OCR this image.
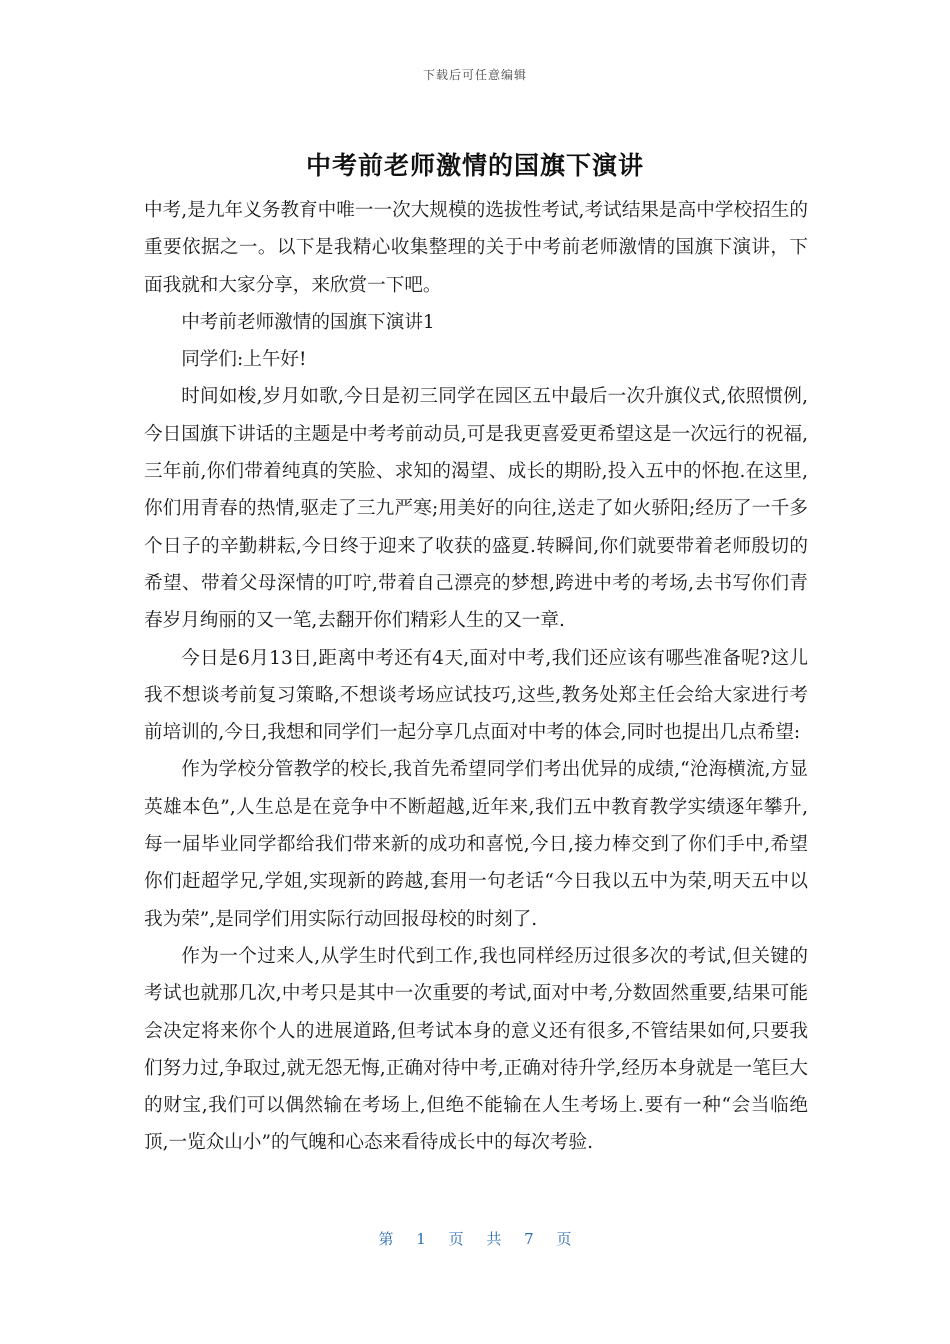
下载后可任意编辑
中考前老师激情的国旗下演讲

中考,是九年义务教育中唯一一次大规模的选拔性考试,考试结果是高中学校招生的重要依据之一。以下是我精心收集整理的关于中考前老师激情的国旗下演讲，下面我就和大家分享，来欣赏一下吧。

中考前老师激情的国旗下演讲1

同学们:上午好!

时间如梭,岁月如歌,今日是初三同学在园区五中最后一次升旗仪式,依照惯例,今日国旗下讲话的主题是中考考前动员,可是我更喜爱更希望这是一次远行的祝福,三年前,你们带着纯真的笑脸、求知的渴望、成长的期盼,投入五中的怀抱.在这里,你们用青春的热情,驱走了三九严寒;用美好的向往,送走了如火骄阳;经历了一千多个日子的辛勤耕耘,今日终于迎来了收获的盛夏.转瞬间,你们就要带着老师殷切的希望、带着父母深情的叮咛,带着自己漂亮的梦想,跨进中考的考场,去书写你们青春岁月绚丽的又一笔,去翻开你们精彩人生的又一章.

今日是6月13日,距离中考还有4天,面对中考,我们还应该有哪些准备呢?这儿我不想谈考前复习策略,不想谈考场应试技巧,这些,教务处郑主任会给大家进行考前培训的,今日,我想和同学们一起分享几点面对中考的体会,同时也提出几点希望:

作为学校分管教学的校长,我首先希望同学们考出优异的成绩,“沧海横流,方显英雄本色”,人生总是在竞争中不断超越,近年来,我们五中教育教学实绩逐年攀升,每一届毕业同学都给我们带来新的成功和喜悦,今日,接力棒交到了你们手中,希望你们赶超学兄,学姐,实现新的跨越,套用一句老话“今日我以五中为荣,明天五中以我为荣”,是同学们用实际行动回报母校的时刻了.

作为一个过来人,从学生时代到工作,我也同样经历过很多次的考试,但关键的考试也就那几次,中考只是其中一次重要的考试,面对中考,分数固然重要,结果可能会决定将来你个人的进展道路,但考试本身的意义还有很多,不管结果如何,只要我们努力过,争取过,就无怨无悔,正确对待中考,正确对待升学,经历本身就是一笔巨大的财宝,我们可以偶然输在考场上,但绝不能输在人生考场上.要有一种“会当临绝顶,一览众山小”的气魄和心态来看待成长中的每次考验.

第 1 页 共 7 页
